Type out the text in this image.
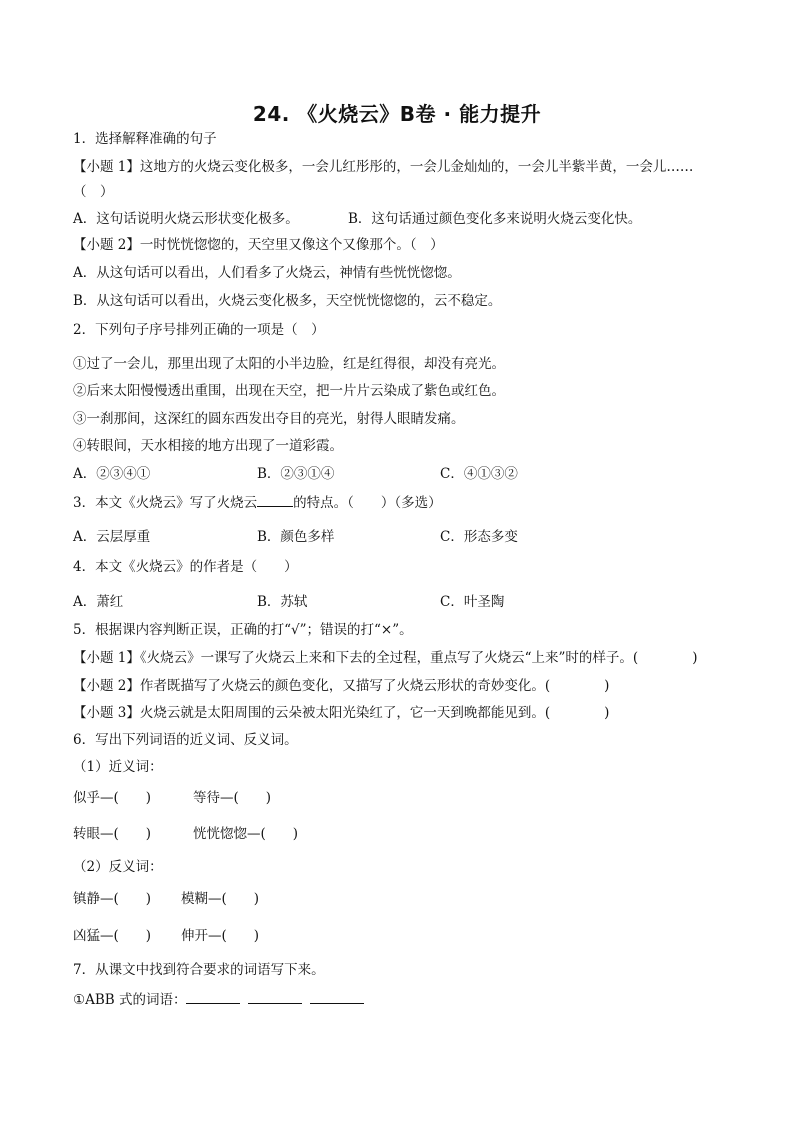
24. 《火烧云》B卷 · 能力提升
1．选择解释准确的句子
【小题 1】这地方的火烧云变化极多，一会儿红彤彤的，一会儿金灿灿的，一会儿半紫半黄，一会儿……
（　）
A．这句话说明火烧云形状变化极多。	B．这句话通过颜色变化多来说明火烧云变化快。
【小题 2】一时恍恍惚惚的，天空里又像这个又像那个。（　）
A．从这句话可以看出，人们看多了火烧云，神情有些恍恍惚惚。
B．从这句话可以看出，火烧云变化极多，天空恍恍惚惚的，云不稳定。
2．下列句子序号排列正确的一项是（　）
①过了一会儿，那里出现了太阳的小半边脸，红是红得很，却没有亮光。
②后来太阳慢慢透出重围，出现在天空，把一片片云染成了紫色或红色。
③一刹那间，这深红的圆东西发出夺目的亮光，射得人眼睛发痛。
④转眼间，天水相接的地方出现了一道彩霞。
A．②③④①	B．②③①④	C．④①③②
3．本文《火烧云》写了火烧云	的特点。（　　）（多选）
A．云层厚重	B．颜色多样	C．形态多变
4．本文《火烧云》的作者是（　　）
A．萧红	B．苏轼	C．叶圣陶
5．根据课内容判断正误，正确的打“√”；错误的打“×”。
【小题 1】《火烧云》一课写了火烧云上来和下去的全过程，重点写了火烧云“上来”时的样子。(　　　　)
【小题 2】作者既描写了火烧云的颜色变化，又描写了火烧云形状的奇妙变化。(　　　　)
【小题 3】火烧云就是太阳周围的云朵被太阳光染红了，它一天到晚都能见到。(　　　　)
6．写出下列词语的近义词、反义词。
（1）近义词：
似乎—(　　)	等待—(　　)
转眼—(　　)	恍恍惚惚—(　　)
（2）反义词：
镇静—(　　) 模糊—(　　)
凶猛—(　　) 伸开—(　　)
7．从课文中找到符合要求的词语写下来。
①ABB 式的词语：
